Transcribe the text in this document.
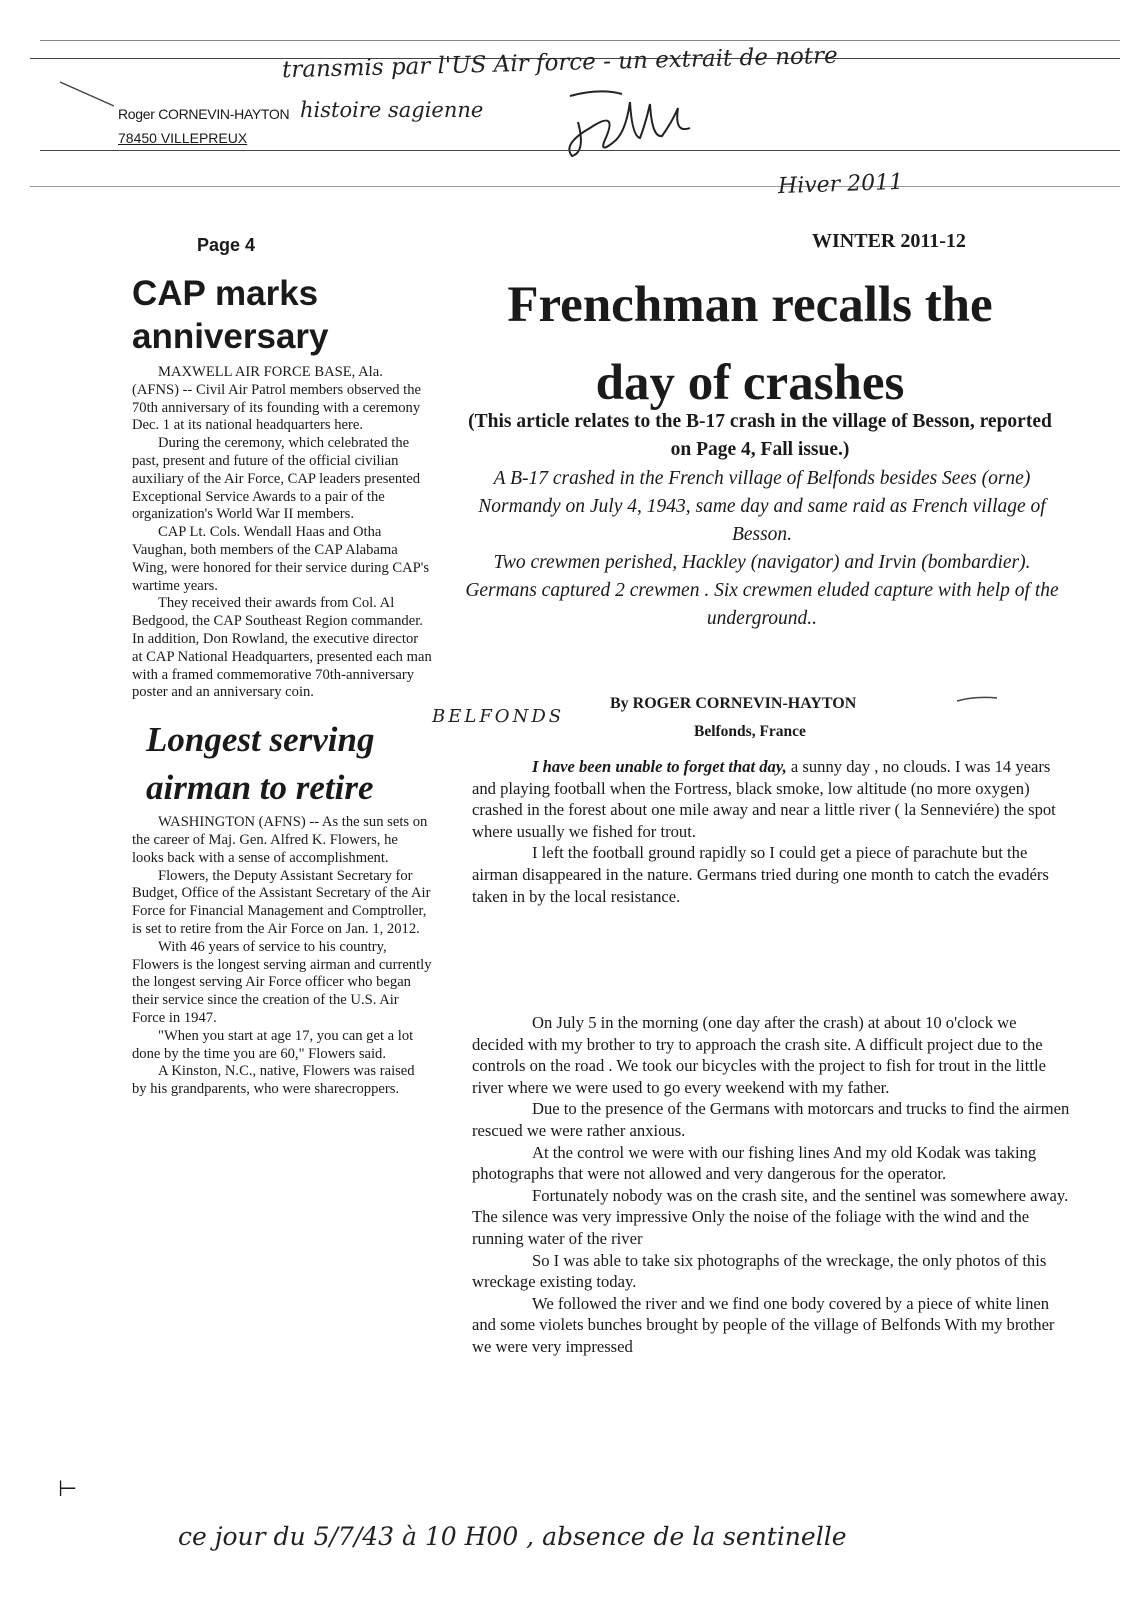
transmis par l'US Air force - un extrait de notre
histoire sagienne
Roger CORNEVIN-HAYTON
78450 VILLEPREUX
Hiver 2011
Page 4	WINTER 2011-12
CAP marks anniversary

MAXWELL AIR FORCE BASE, Ala. (AFNS) -- Civil Air Patrol members observed the 70th anniversary of its founding with a ceremony Dec. 1 at its national headquarters here.

During the ceremony, which celebrated the past, present and future of the official civilian auxiliary of the Air Force, CAP leaders presented Exceptional Service Awards to a pair of the organization's World War II members.

CAP Lt. Cols. Wendall Haas and Otha Vaughan, both members of the CAP Alabama Wing, were honored for their service during CAP's wartime years.

They received their awards from Col. Al Bedgood, the CAP Southeast Region commander. In addition, Don Rowland, the executive director at CAP National Headquarters, presented each man with a framed commemorative 70th-anniversary poster and an anniversary coin.

Longest serving airman to retire

WASHINGTON (AFNS) -- As the sun sets on the career of Maj. Gen. Alfred K. Flowers, he looks back with a sense of accomplishment.

Flowers, the Deputy Assistant Secretary for Budget, Office of the Assistant Secretary of the Air Force for Financial Management and Comptroller, is set to retire from the Air Force on Jan. 1, 2012.

With 46 years of service to his country, Flowers is the longest serving airman and currently the longest serving Air Force officer who began their service since the creation of the U.S. Air Force in 1947.

"When you start at age 17, you can get a lot done by the time you are 60," Flowers said.

A Kinston, N.C., native, Flowers was raised by his grandparents, who were sharecroppers.

Frenchman recalls the day of crashes

(This article relates to the B-17 crash in the village of Besson, reported on Page 4, Fall issue.)

A B-17 crashed in the French village of Belfonds besides Sees (orne) Normandy on July 4, 1943, same day and same raid as French village of Besson.

Two crewmen perished, Hackley (navigator) and Irvin (bombardier).

Germans captured 2 crewmen . Six crewmen eluded capture with help of the underground..

BELFONDS
By ROGER CORNEVIN-HAYTON
Belfonds, France

I have been unable to forget that day, a sunny day , no clouds. I was 14 years and playing football when the Fortress, black smoke, low altitude (no more oxygen) crashed in the forest about one mile away and near a little river ( la Senneviére) the spot where usually we fished for trout.

I left the football ground rapidly so I could get a piece of parachute but the airman disappeared in the nature. Germans tried during one month to catch the evadérs taken in by the local resistance.

On July 5 in the morning (one day after the crash) at about 10 o'clock we decided with my brother to try to approach the crash site. A difficult project due to the controls on the road . We took our bicycles with the project to fish for trout in the little river where we were used to go every weekend with my father.

Due to the presence of the Germans with motorcars and trucks to find the airmen rescued we were rather anxious.

At the control we were with our fishing lines And my old Kodak was taking photographs that were not allowed and very dangerous for the operator.

Fortunately nobody was on the crash site, and the sentinel was somewhere away. The silence was very impressive Only the noise of the foliage with the wind and the running water of the river

So I was able to take six photographs of the wreckage, the only photos of this wreckage existing today.

We followed the river and we find one body covered by a piece of white linen and some violets bunches brought by people of the village of Belfonds With my brother we were very impressed

⊢
ce jour du 5/7/43 à 10 H00 , absence de la sentinelle
